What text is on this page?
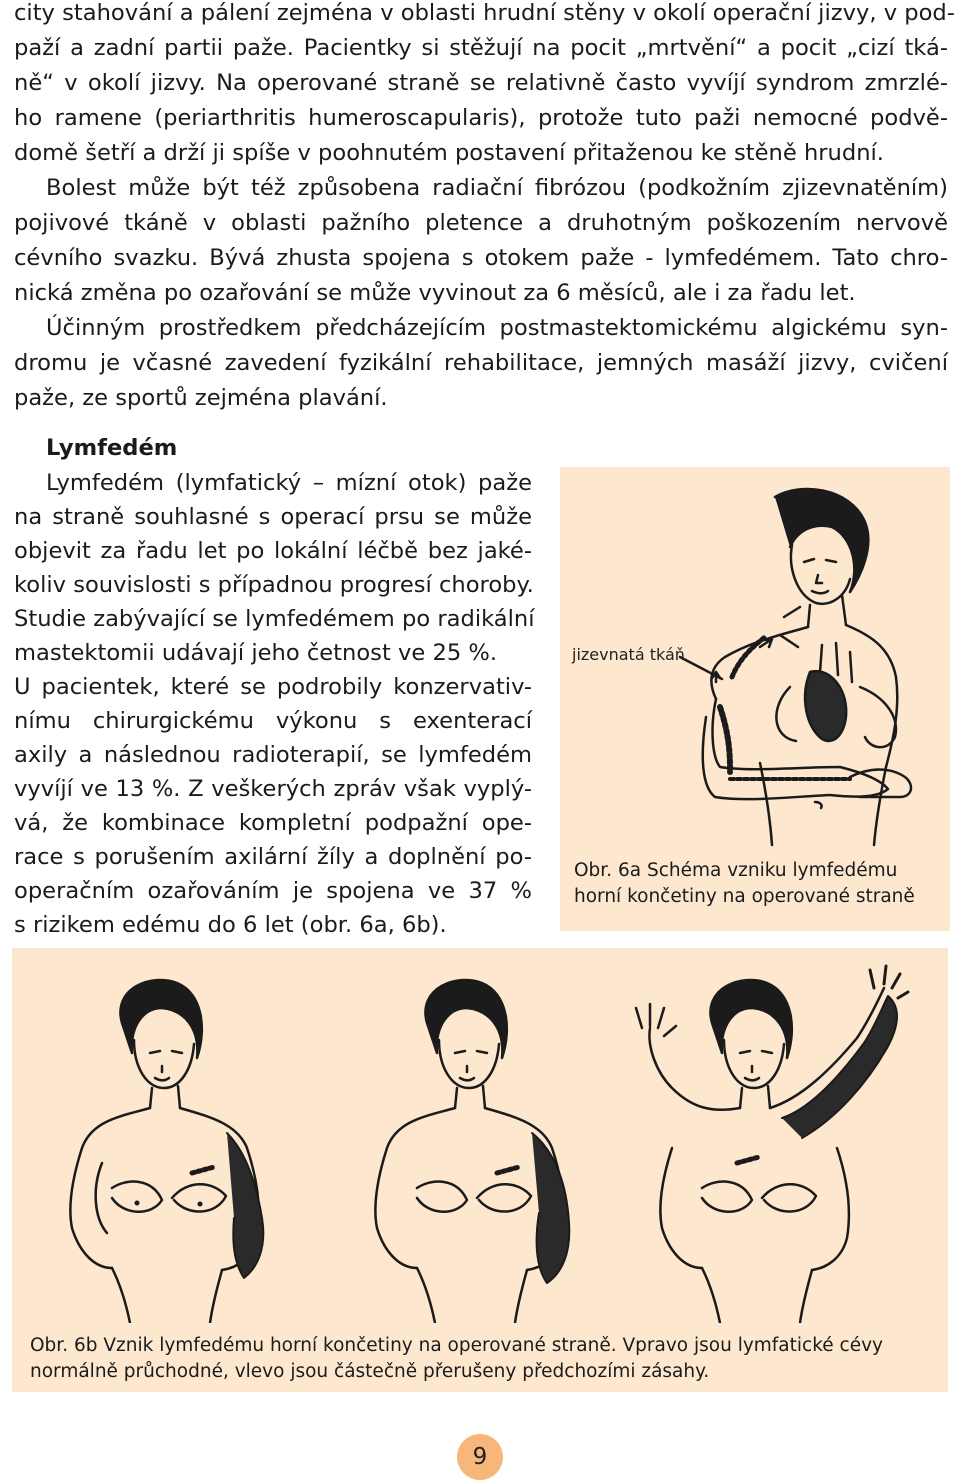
city stahování a pálení zejména v oblasti hrudní stěny v okolí operační jizvy, v pod-
paží a zadní partii paže. Pacientky si stěžují na pocit „mrtvění“ a pocit „cizí tká-
ně“ v okolí jizvy. Na operované straně se relativně často vyvíjí syndrom zmrzlé-
ho ramene (periarthritis humeroscapularis), protože tuto paži nemocné podvě-
domě šetří a drží ji spíše v poohnutém postavení přitaženou ke stěně hrudní.
Bolest může být též způsobena radiační fibrózou (podkožním zjizevnatěním)
pojivové tkáně v oblasti pažního pletence a druhotným poškozením nervově
cévního svazku. Bývá zhusta spojena s otokem paže - lymfedémem. Tato chro-
nická změna po ozařování se může vyvinout za 6 měsíců, ale i za řadu let.
Účinným prostředkem předcházejícím postmastektomickému algickému syn-
dromu je včasné zavedení fyzikální rehabilitace, jemných masáží jizvy, cvičení
paže, ze sportů zejména plavání.
Lymfedém
Lymfedém (lymfatický – mízní otok) paže
na straně souhlasné s operací prsu se může
objevit za řadu let po lokální léčbě bez jaké-
koliv souvislosti s případnou progresí choroby.
Studie zabývající se lymfedémem po radikální
mastektomii udávají jeho četnost ve 25 %.
U pacientek, které se podrobily konzervativ-
nímu chirurgickému výkonu s exenterací
axily a následnou radioterapií, se lymfedém
vyvíjí ve 13 %. Z veškerých zpráv však vyplý-
vá, že kombinace kompletní podpažní ope-
race s porušením axilární žíly a doplnění po-
operačním ozařováním je spojena ve 37 %
s rizikem edému do 6 let (obr. 6a, 6b).
jizevnatá tkáň
Obr. 6a Schéma vzniku lymfedému
horní končetiny na operované straně
Obr. 6b Vznik lymfedému horní končetiny na operované straně. Vpravo jsou lymfatické cévy
normálně průchodné, vlevo jsou částečně přerušeny předchozími zásahy.
9
